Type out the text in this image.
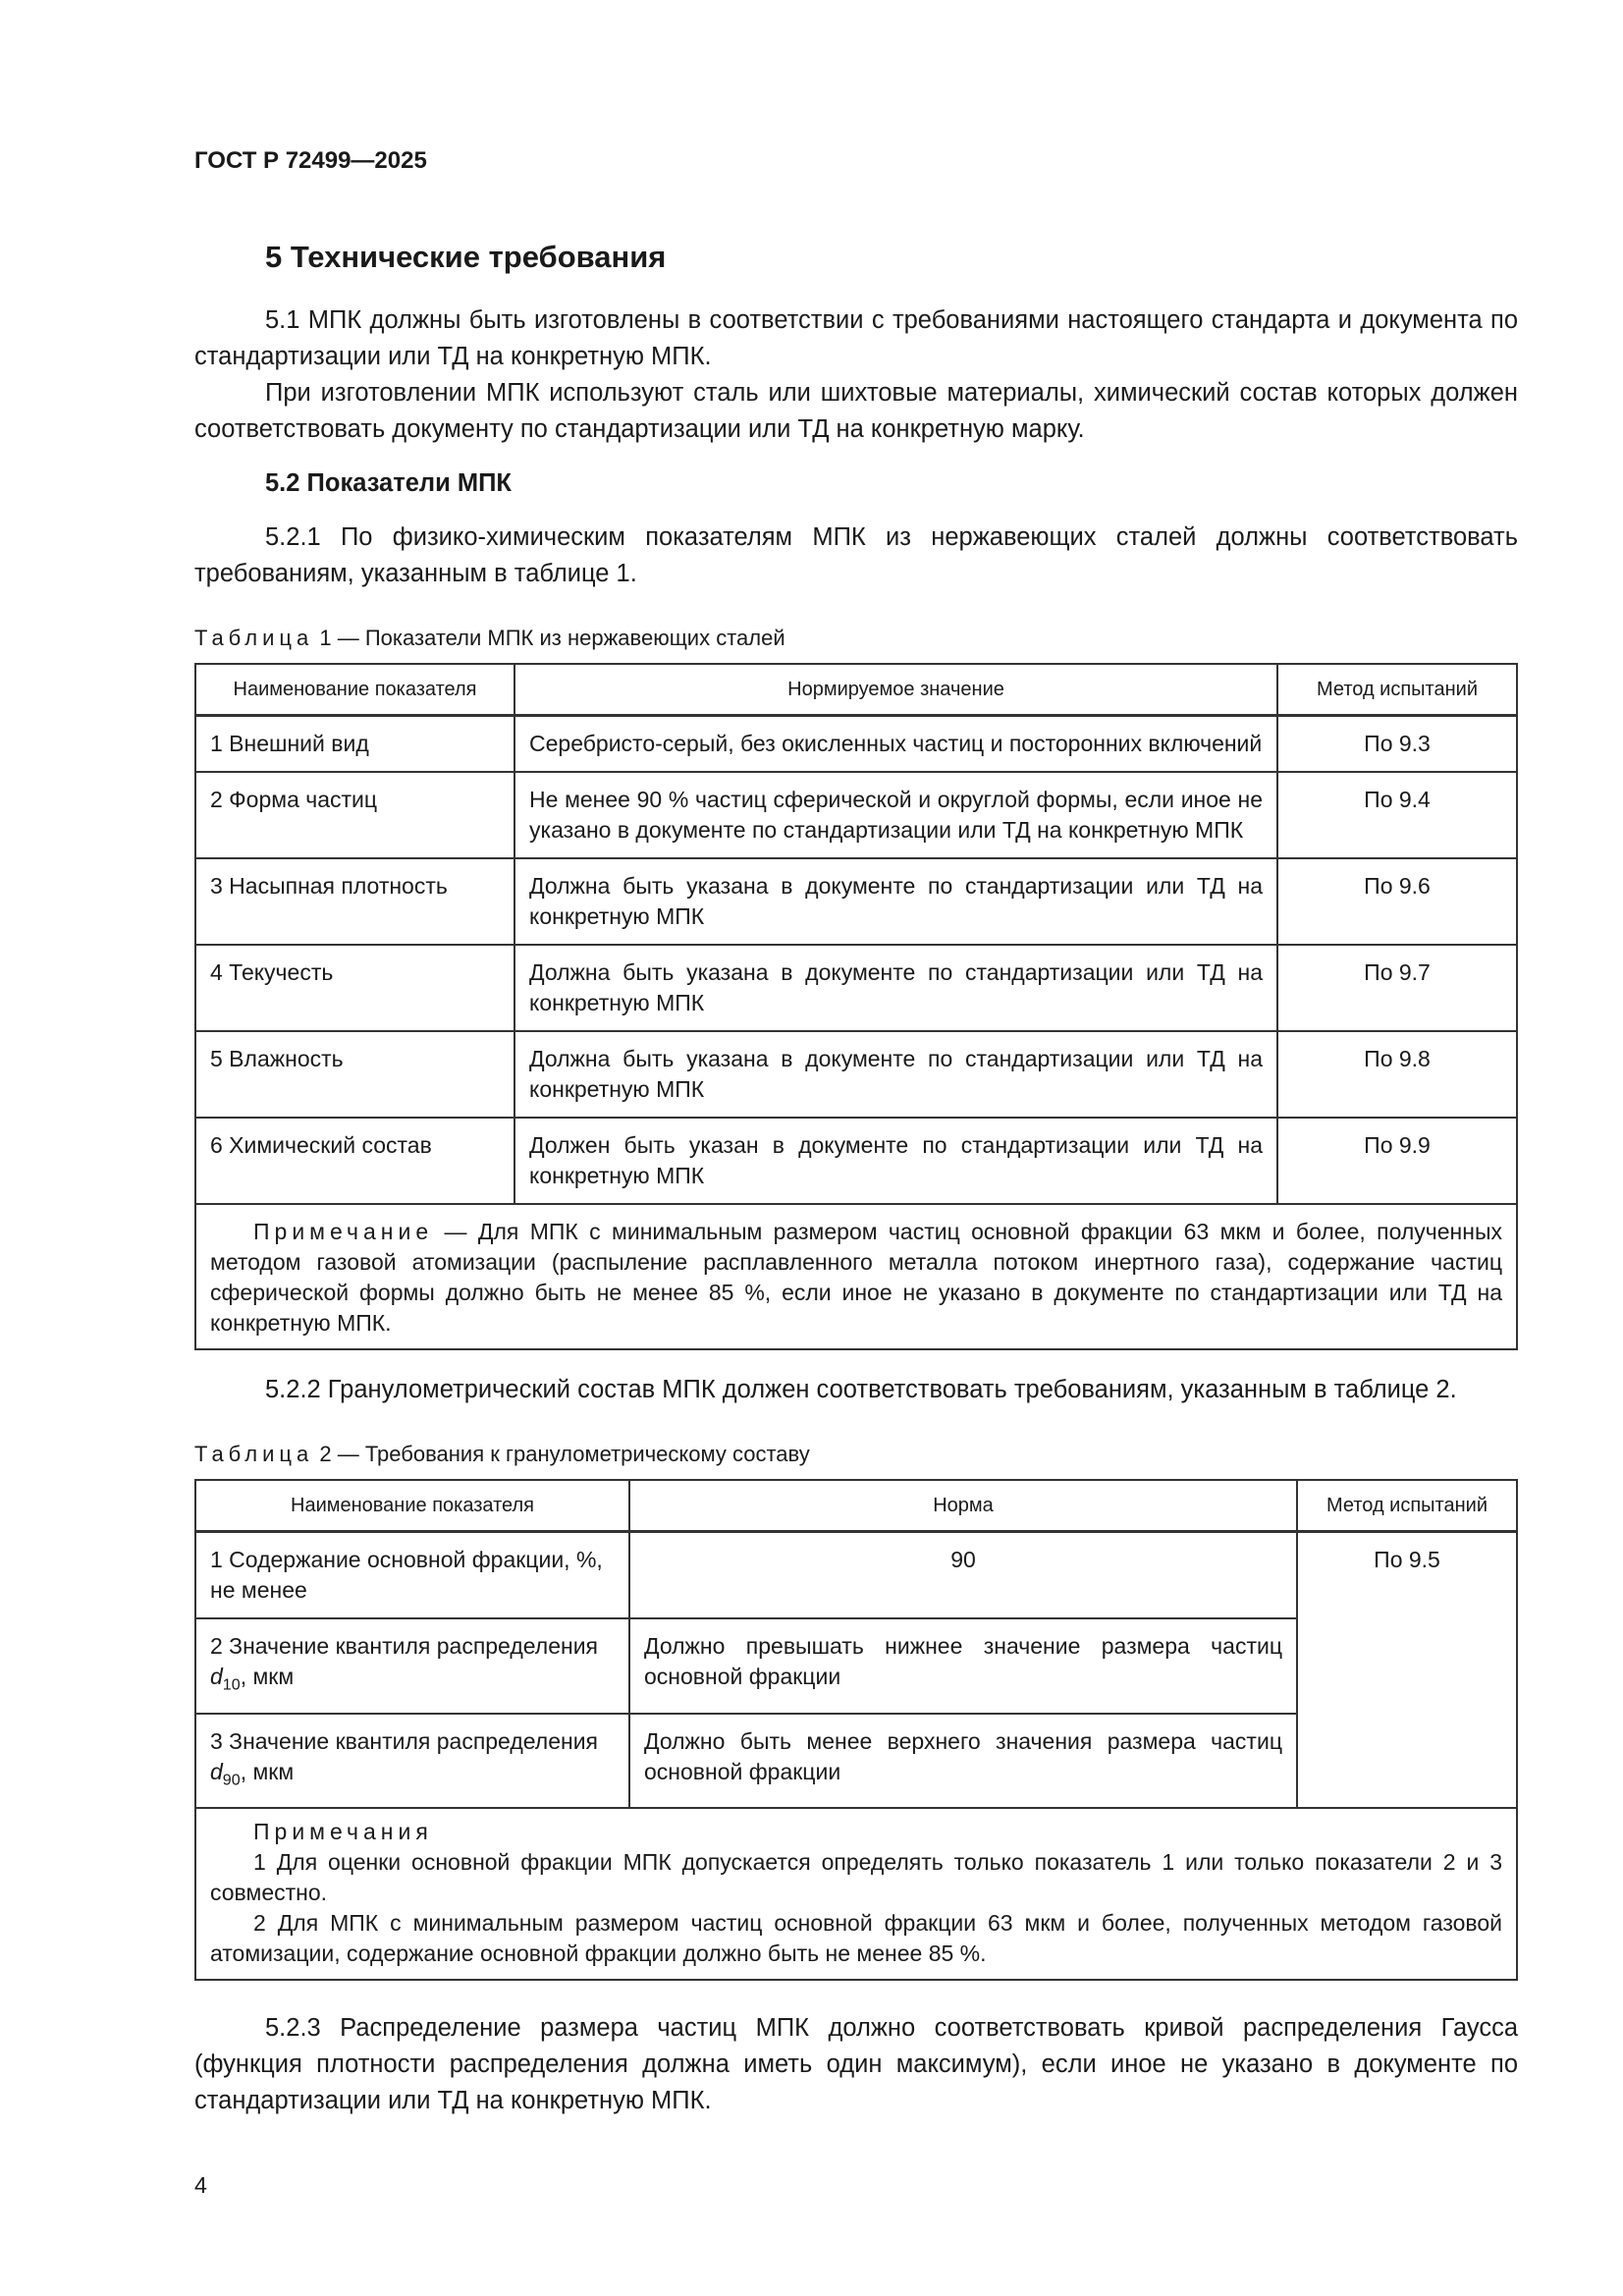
ГОСТ Р 72499—2025

5 Технические требования

5.1 МПК должны быть изготовлены в соответствии с требованиями настоящего стандарта и документа по стандартизации или ТД на конкретную МПК.

При изготовлении МПК используют сталь или шихтовые материалы, химический состав которых должен соответствовать документу по стандартизации или ТД на конкретную марку.

5.2 Показатели МПК

5.2.1 По физико-химическим показателям МПК из нержавеющих сталей должны соответствовать требованиям, указанным в таблице 1.

Таблица 1 — Показатели МПК из нержавеющих сталей
Наименование показателя	Нормируемое значение	Метод испытаний
1 Внешний вид	Серебристо-серый, без окисленных частиц и посторонних включений	По 9.3
2 Форма частиц	Не менее 90 % частиц сферической и округлой формы, если иное не указано в документе по стандартизации или ТД на конкретную МПК	По 9.4
3 Насыпная плотность	Должна быть указана в документе по стандартизации или ТД на конкретную МПК	По 9.6
4 Текучесть	Должна быть указана в документе по стандартизации или ТД на конкретную МПК	По 9.7
5 Влажность	Должна быть указана в документе по стандартизации или ТД на конкретную МПК	По 9.8
6 Химический состав	Должен быть указан в документе по стандартизации или ТД на конкретную МПК	По 9.9
Примечание — Для МПК с минимальным размером частиц основной фракции 63 мкм и более, полученных методом газовой атомизации (распыление расплавленного металла потоком инертного газа), содержание частиц сферической формы должно быть не менее 85 %, если иное не указано в документе по стандартизации или ТД на конкретную МПК.		

5.2.2 Гранулометрический состав МПК должен соответствовать требованиям, указанным в таблице 2.

Таблица 2 — Требования к гранулометрическому составу
Наименование показателя	Норма	Метод испытаний
1 Содержание основной фракции, %, не менее	90	По 9.5
2 Значение квантиля распределения $d_{10}$, мкм	Должно превышать нижнее значение размера частиц основной фракции	
3 Значение квантиля распределения $d_{90}$, мкм	Должно быть менее верхнего значения размера частиц основной фракции	

Примечания
1 Для оценки основной фракции МПК допускается определять только показатель 1 или только показатели 2 и 3 совместно.
2 Для МПК с минимальным размером частиц основной фракции 63 мкм и более, полученных методом газовой атомизации, содержание основной фракции должно быть не менее 85 %.		

5.2.3 Распределение размера частиц МПК должно соответствовать кривой распределения Гаусса (функция плотности распределения должна иметь один максимум), если иное не указано в документе по стандартизации или ТД на конкретную МПК.

4
